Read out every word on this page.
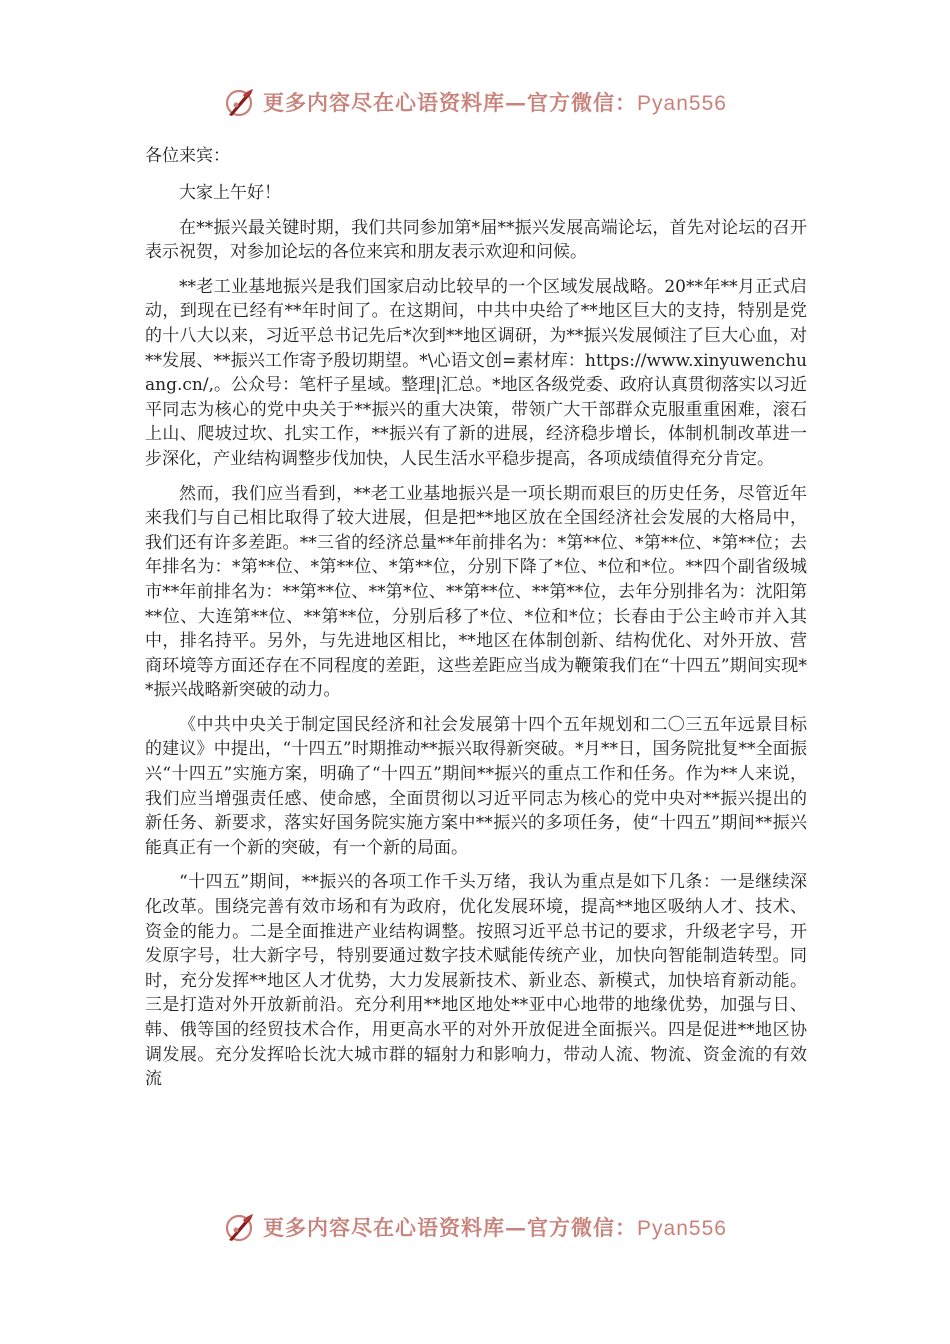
更多内容尽在心语资料库—官方微信：Pyan556

各位来宾：

大家上午好！

在**振兴最关键时期，我们共同参加第*届**振兴发展高端论坛，首先对论坛的召开表示祝贺，对参加论坛的各位来宾和朋友表示欢迎和问候。

**老工业基地振兴是我们国家启动比较早的一个区域发展战略。20**年**月正式启动，到现在已经有**年时间了。在这期间，中共中央给了**地区巨大的支持，特别是党的十八大以来，习近平总书记先后*次到**地区调研，为**振兴发展倾注了巨大心血，对**发展、**振兴工作寄予殷切期望。*\心语文创=素材库：https://www.xinyuwenchuang.cn/,。公众号：笔杆子星域。整理|汇总。*地区各级党委、政府认真贯彻落实以习近平同志为核心的党中央关于**振兴的重大决策，带领广大干部群众克服重重困难，滚石上山、爬坡过坎、扎实工作，**振兴有了新的进展，经济稳步增长，体制机制改革进一步深化，产业结构调整步伐加快，人民生活水平稳步提高，各项成绩值得充分肯定。

然而，我们应当看到，**老工业基地振兴是一项长期而艰巨的历史任务，尽管近年来我们与自己相比取得了较大进展，但是把**地区放在全国经济社会发展的大格局中，我们还有许多差距。**三省的经济总量**年前排名为：*第**位、*第**位、*第**位；去年排名为：*第**位、*第**位、*第**位，分别下降了*位、*位和*位。**四个副省级城市**年前排名为：**第**位、**第*位、**第**位、**第**位，去年分别排名为：沈阳第**位、大连第**位、**第**位，分别后移了*位、*位和*位；长春由于公主岭市并入其中，排名持平。另外，与先进地区相比，**地区在体制创新、结构优化、对外开放、营商环境等方面还存在不同程度的差距，这些差距应当成为鞭策我们在“十四五”期间实现**振兴战略新突破的动力。

《中共中央关于制定国民经济和社会发展第十四个五年规划和二〇三五年远景目标的建议》中提出，“十四五”时期推动**振兴取得新突破。*月**日，国务院批复**全面振兴“十四五”实施方案，明确了“十四五”期间**振兴的重点工作和任务。作为**人来说，我们应当增强责任感、使命感，全面贯彻以习近平同志为核心的党中央对**振兴提出的新任务、新要求，落实好国务院实施方案中**振兴的多项任务，使“十四五”期间**振兴能真正有一个新的突破，有一个新的局面。

“十四五”期间，**振兴的各项工作千头万绪，我认为重点是如下几条：一是继续深化改革。围绕完善有效市场和有为政府，优化发展环境，提高**地区吸纳人才、技术、资金的能力。二是全面推进产业结构调整。按照习近平总书记的要求，升级老字号，开发原字号，壮大新字号，特别要通过数字技术赋能传统产业，加快向智能制造转型。同时，充分发挥**地区人才优势，大力发展新技术、新业态、新模式，加快培育新动能。三是打造对外开放新前沿。充分利用**地区地处**亚中心地带的地缘优势，加强与日、韩、俄等国的经贸技术合作，用更高水平的对外开放促进全面振兴。四是促进**地区协调发展。充分发挥哈长沈大城市群的辐射力和影响力，带动人流、物流、资金流的有效流

更多内容尽在心语资料库—官方微信：Pyan556
